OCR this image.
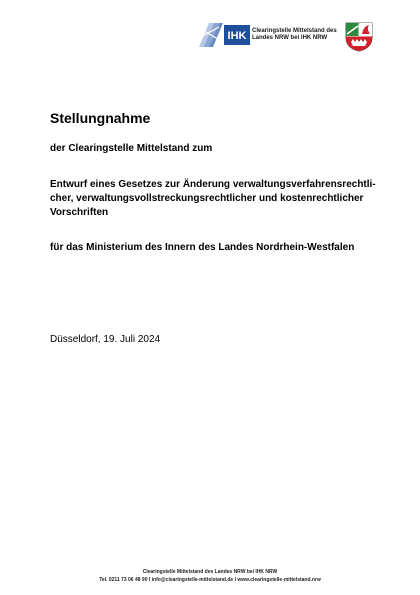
IHK Clearingstelle Mittelstand des
Landes NRW bei IHK NRW
Stellungnahme
der Clearingstelle Mittelstand zum

Entwurf eines Gesetzes zur Änderung verwaltungsverfahrensrechtli-
cher, verwaltungsvollstreckungsrechtlicher und kostenrechtlicher
Vorschriften

für das Ministerium des Innern des Landes Nordrhein-Westfalen
Düsseldorf, 19. Juli 2024
Clearingstelle Mittelstand des Landes NRW bei IHK NRW
Tel. 0211 73 06 48 90 I info@clearingstelle-mittelstand.de I www.clearingstelle-mittelstand.nrw
